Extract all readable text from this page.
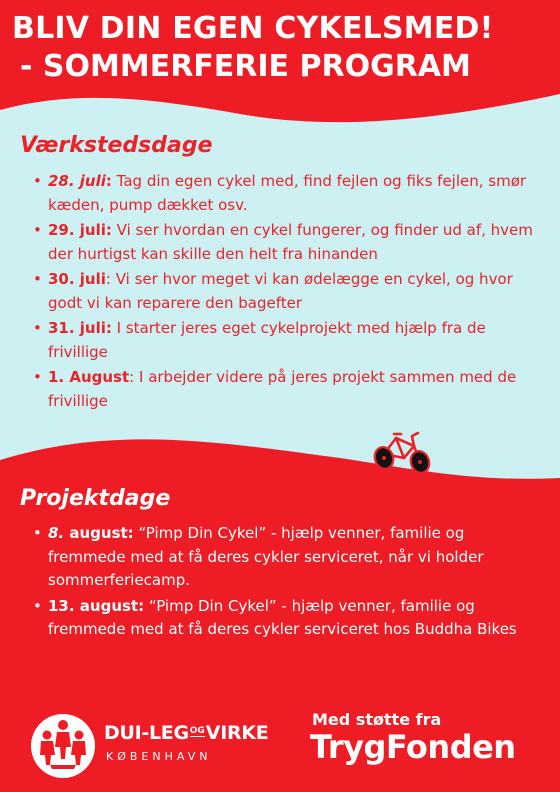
BLIV DIN EGEN CYKELSMED!
- SOMMERFERIE PROGRAM
Værkstedsdage
• 28. juli: Tag din egen cykel med, find fejlen og fiks fejlen, smør kæden, pump dækket osv.
• 29. juli: Vi ser hvordan en cykel fungerer, og finder ud af, hvem der hurtigst kan skille den helt fra hinanden
• 30. juli: Vi ser hvor meget vi kan ødelægge en cykel, og hvor godt vi kan reparere den bagefter
• 31. juli: I starter jeres eget cykelprojekt med hjælp fra de frivillige
• 1. August: I arbejder videre på jeres projekt sammen med de frivillige
Projektdage
• 8. august: “Pimp Din Cykel” - hjælp venner, familie og fremmede med at få deres cykler serviceret, når vi holder sommerferiecamp.
• 13. august: “Pimp Din Cykel” - hjælp venner, familie og fremmede med at få deres cykler serviceret hos Buddha Bikes
DUI-LEGOGVIRKE
KØBENHAVN
Med støtte fra
TrygFonden
